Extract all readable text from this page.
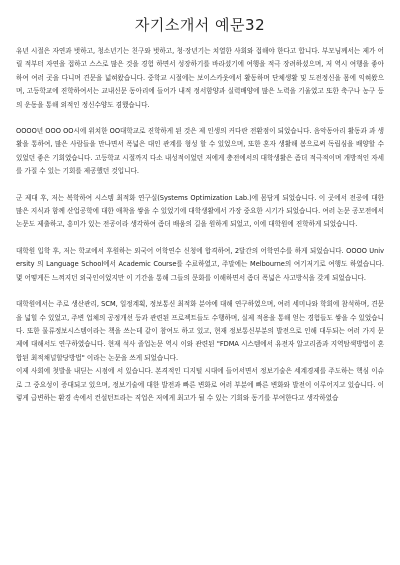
자기소개서 예문32

유년 시절은 자연과 벗하고, 청소년기는 친구와 벗하고, 청·장년기는 치열한 사회와 접해야 한다고 합니다. 부모님께서는 제가 어릴 적부터 자연을 접하고 스스로 많은 것을 경험 하면서 성장하기를 바라셨기에 여행을 적극 장려하셨으며, 저 역시 여행을 좋아하여 여러 곳을 다니며 견문을 넓혀왔습니다. 중학교 시절에는 보이스카웃에서 활동하며 단체생활 및 도전정신을 몸에 익혀왔으며, 고등학교에 진학하여서는 교내신문 동아리에 들어가 내적 정서함양과 실력배양에 많은 노력을 기울였고 또한 축구나 농구 등의 운동을 통해 외적인 정신수양도 겸했습니다.

OOOO년 OOO OO시에 위치한 OO대학교로 진학하게 된 것은 제 인생의 커다란 전환점이 되었습니다. 음악동아리 활동과 과 생활을 통하여, 많은 사람들을 만나면서 폭넓은 대인 관계를 형성 할 수 있었으며, 또한 혼자 생활해 봄으로써 독립심을 배양할 수 있었던 좋은 기회였습니다. 고등학교 시절까지 다소 내성적이었던 저에게 충전에서의 대학생활은 좀더 적극적이며 개방적인 자세를 가질 수 있는 기회를 제공했던 것입니다.

군 제대 후, 저는 복학하여 시스템 최적화 연구실(Systems Optimization Lab.)에 몸담게 되었습니다. 이 곳에서 전공에 대한 많은 지식과 함께 산업공학에 대한 애착을 쌓을 수 있었기에 대학생활에서 가장 중요한 시기가 되었습니다. 여러 논문 공모전에서 논문도 제출하고, 흥미가 있는 전공이라 생각하여 좀더 배움의 길을 원하게 되었고, 이에 대학원에 진학하게 되었습니다.

대학원 입학 후, 저는 학교에서 후원하는 외국어 어학연수 신청에 합격하여, 2달간의 어학연수를 하게 되었습니다. OOOO University 의 Language School에서 Academic Course를 수료하였고, 주말에는 Melbourne의 여기저기로 여행도 하였습니다. 몇 어떻게든 느껴지던 외국인이었지만 이 기간을 통해 그들의 문화를 이해하면서 좀더 폭넓은 사고방식을 갖게 되었습니다.

대학원에서는 주로 생산관리, SCM, 일정계획, 정보통신 최적화 분야에 대해 연구하였으며, 여러 세미나와 학회에 참석하며, 견문을 넓힐 수 있었고, 주변 업체의 공정개선 등과 관련된 프로젝트들도 수행하며, 실제 적용을 통해 얻는 경험들도 쌓을 수 있었습니다. 또한 물류정보시스템이라는 책을 쓰는데 같이 참여도 하고 있고, 현재 정보통신부분의 발전으로 인해 대두되는 여러 가지 문제에 대해서도 연구하였습니다. 현재 석사 졸업논문 역시 이와 관련된 "FDMA 시스템에서 유전자 알고리즘과 지역탐색방법이 혼합된 최적채널할당방법" 이라는 논문을 쓰게 되었습니다.

이제 사회에 첫발을 내딛는 시점에 서 있습니다. 본격적인 디지털 시대에 들어서면서 정보기술은 세계경제를 주도하는 핵심 이슈로 그 중요성이 증대되고 있으며, 정보기술에 대한 발전과 빠른 변화로 여러 부분에 빠른 변화와 발전이 이루어지고 있습니다. 이렇게 급변하는 환경 속에서 컨설턴트라는 직업은 저에게 최고가 될 수 있는 기회와 동기를 부여한다고 생각하였습
